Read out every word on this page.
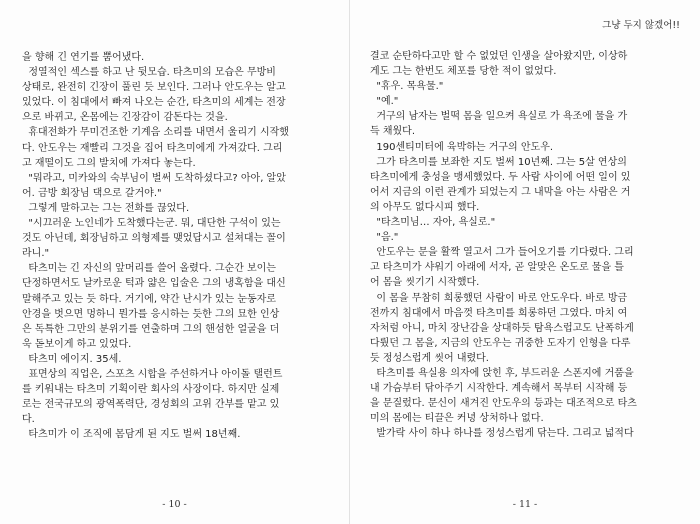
을 향해 긴 연기를 뿜어냈다.

정열적인 섹스를 하고 난 뒷모습. 타츠미의 모습은 무방비

상태로, 완전히 긴장이 풀린 듯 보인다. 그러나 안도우는 알고

있었다. 이 침대에서 빠져 나오는 순간, 타츠미의 세계는 전장

으로 바뀌고, 온몸에는 긴장감이 감돈다는 것을.

휴대전화가 무미건조한 기계음 소리를 내면서 울리기 시작했

다. 안도우는 재빨리 그것을 집어 타츠미에게 가져갔다. 그리

고 재떨이도 그의 발치에 가져다 놓는다.

"뭐라고, 미카와의 숙부님이 벌써 도착하셨다고? 아아, 알았

어. 금방 회장님 댁으로 갈거야."

그렇게 말하고는 그는 전화를 끊었다.

"시끄러운 노인네가 도착했다는군. 뭐, 대단한 구석이 있는

것도 아닌데, 회장님하고 의형제를 맺었답시고 설쳐대는 꼴이

라니."

타츠미는 긴 자신의 앞머리를 쓸어 올렸다. 그순간 보이는

단정하면서도 날카로운 턱과 얇은 입술은 그의 냉혹함을 대신

말해주고 있는 듯 하다. 거기에, 약간 난시가 있는 눈동자로

안경을 벗으면 멍하니 뭔가를 응시하는 듯한 그의 묘한 인상

은 독특한 그만의 분위기를 연출하며 그의 핸섬한 얼굴을 더

욱 돋보이게 하고 있었다.

타츠미 에이지. 35세.

표면상의 직업은, 스포츠 시합을 주선하거나 아이돌 탤런트

를 키워내는 타츠미 기획이란 회사의 사장이다. 하지만 실제

로는 전국규모의 광역폭력단, 경성회의 고위 간부를 맡고 있

다.

타츠미가 이 조직에 몸담게 된 지도 벌써 18년째.

- 10 -

그냥 두지 않겠어!!

결코 순탄하다고만 할 수 없었던 인생을 살아왔지만, 이상하

게도 그는 한번도 체포를 당한 적이 없었다.

"휴우. 목욕물."

"예."

거구의 남자는 벌떡 몸을 일으켜 욕실로 가 욕조에 물을 가

득 채웠다.

190센티미터에 육박하는 거구의 안도우.

그가 타츠미를 보좌한 지도 벌써 10년째. 그는 5살 연상의

타츠미에게 충성을 맹세했었다. 두 사람 사이에 어떤 일이 있

어서 지금의 이런 관계가 되었는지 그 내막을 아는 사람은 거

의 아무도 없다시피 했다.

"타츠미님… 자아, 욕실로."

"음."

안도우는 문을 활짝 열고서 그가 들어오기를 기다렸다. 그리

고 타츠미가 샤워기 아래에 서자, 곧 알맞은 온도로 물을 틀

어 몸을 씻기기 시작했다.

이 몸을 무참히 희롱했던 사람이 바로 안도우다. 바로 방금

전까지 침대에서 마음껏 타츠미를 희롱하던 그였다. 마치 여

자처럼 아니, 마치 장난감을 상대하듯 탐욕스럽고도 난폭하게

다뤘던 그 몸을, 지금의 안도우는 귀중한 도자기 인형을 다루

듯 정성스럽게 씻어 내렸다.

타츠미를 욕실용 의자에 앉힌 후, 부드러운 스폰지에 거품을

내 가슴부터 닦아주기 시작한다. 계속해서 목부터 시작해 등

을 문질렀다. 문신이 새겨진 안도우의 등과는 대조적으로 타츠

미의 몸에는 티끌은 커녕 상처하나 없다.

발가락 사이 하나 하나를 정성스럽게 닦는다. 그리고 넓적다

- 11 -
